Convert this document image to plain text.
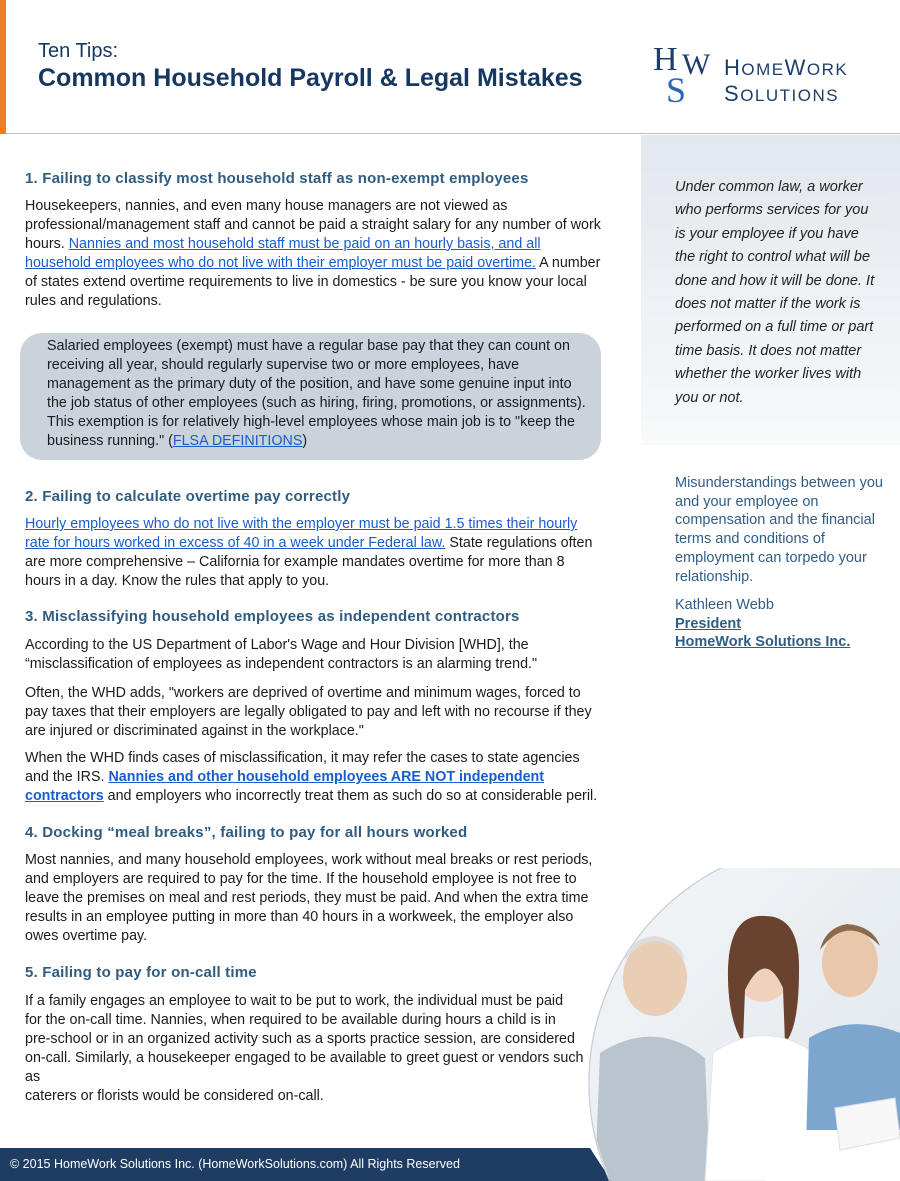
Ten Tips:
Common Household Payroll & Legal Mistakes H W
S
HOMEWORK
SOLUTIONS
Under common law, a worker who performs services for you is your employee if you have the right to control what will be done and how it will be done. It does not matter if the work is performed on a full time or part time basis. It does not matter whether the worker lives with you or not.
Misunderstandings between you and your employee on compensation and the financial terms and conditions of employment can torpedo your relationship.
Kathleen Webb
President
HomeWork Solutions Inc.
1. Failing to classify most household staff as non-exempt employees
Housekeepers, nannies, and even many house managers are not viewed as professional/management staff and cannot be paid a straight salary for any number of work hours. Nannies and most household staff must be paid on an hourly basis, and all household employees who do not live with their employer must be paid overtime. A number of states extend overtime requirements to live in domestics - be sure you know your local rules and regulations.
Salaried employees (exempt) must have a regular base pay that they can count on receiving all year, should regularly supervise two or more employees, have management as the primary duty of the position, and have some genuine input into the job status of other employees (such as hiring, firing, promotions, or assignments). This exemption is for relatively high-level employees whose main job is to "keep the business running." (FLSA DEFINITIONS)
2. Failing to calculate overtime pay correctly
Hourly employees who do not live with the employer must be paid 1.5 times their hourly rate for hours worked in excess of 40 in a week under Federal law. State regulations often are more comprehensive – California for example mandates overtime for more than 8 hours in a day. Know the rules that apply to you.
3. Misclassifying household employees as independent contractors
According to the US Department of Labor's Wage and Hour Division [WHD], the “misclassification of employees as independent contractors is an alarming trend."
Often, the WHD adds, "workers are deprived of overtime and minimum wages, forced to pay taxes that their employers are legally obligated to pay and left with no recourse if they are injured or discriminated against in the workplace."
When the WHD finds cases of misclassification, it may refer the cases to state agencies and the IRS. Nannies and other household employees ARE NOT independent contractors and employers who incorrectly treat them as such do so at considerable peril.
4. Docking “meal breaks”, failing to pay for all hours worked
Most nannies, and many household employees, work without meal breaks or rest periods, and employers are required to pay for the time. If the household employee is not free to leave the premises on meal and rest periods, they must be paid. And when the extra time results in an employee putting in more than 40 hours in a workweek, the employer also owes overtime pay.
5. Failing to pay for on-call time
If a family engages an employee to wait to be put to work, the individual must be paid
for the on-call time. Nannies, when required to be available during hours a child is in
pre-school or in an organized activity such as a sports practice session, are considered
on-call. Similarly, a housekeeper engaged to be available to greet guest or vendors such as
caterers or florists would be considered on-call.
© 2015 HomeWork Solutions Inc. (HomeWorkSolutions.com) All Rights Reserved
